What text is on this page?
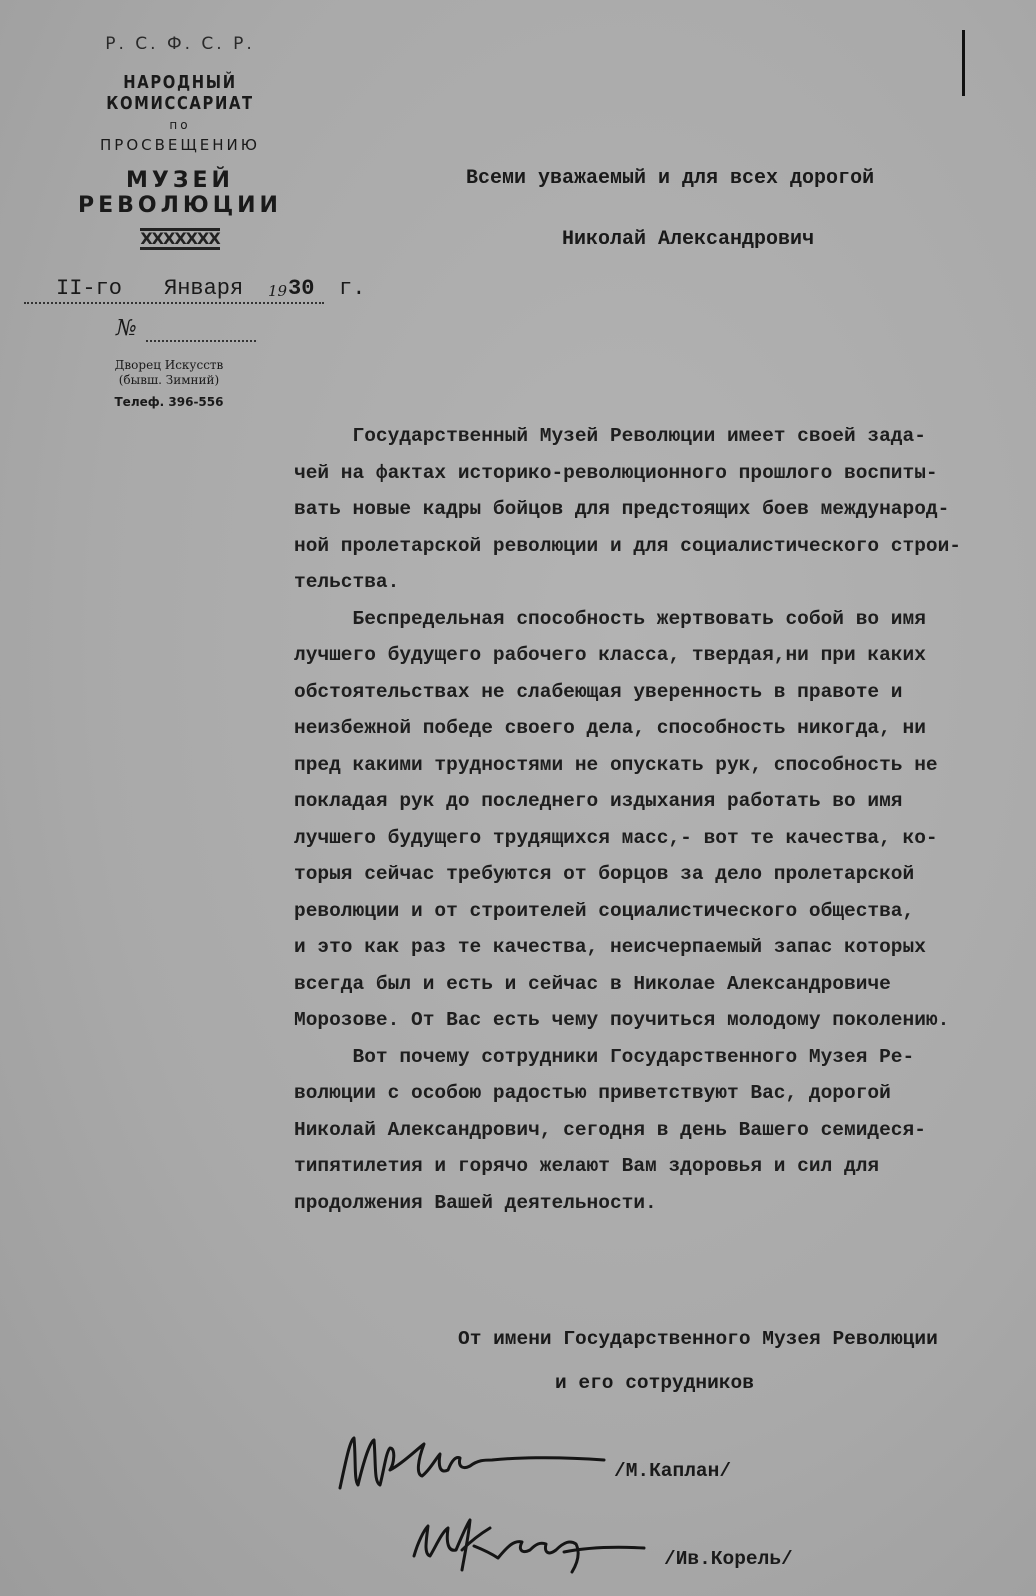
Р. С. Ф. С. Р.
НАРОДНЫЙ КОМИССАРИАТ
по
ПРОСВЕЩЕНИЮ
МУЗЕЙ РЕВОЛЮЦИИ
XXXXXXX
II-го Января 19 30 г.
№
Дворец Искусств
(бывш. Зимний)
Телеф. 396-556
Всеми уважаемый и для всех дорогой
Николай Александрович
Государственный Музей Революции имеет своей зада-
чей на фактах историко-революционного прошлого воспиты-
вать новые кадры бойцов для предстоящих боев международ-
ной пролетарской революции и для социалистического строи-
тельства.
Беспредельная способность жертвовать собой во имя
лучшего будущего рабочего класса, твердая,ни при каких
обстоятельствах не слабеющая уверенность в правоте и
неизбежной победе своего дела, способность никогда, ни
пред какими трудностями не опускать рук, способность не
покладая рук до последнего издыхания работать во имя
лучшего будущего трудящихся масс,- вот те качества, ко-
торыя сейчас требуются от борцов за дело пролетарской
революции и от строителей социалистического общества,
и это как раз те качества, неисчерпаемый запас которых
всегда был и есть и сейчас в Николае Александровиче
Морозове. От Вас есть чему поучиться молодому поколению.
Вот почему сотрудники Государственного Музея Ре-
волюции с особою радостью приветствуют Вас, дорогой
Николай Александрович, сегодня в день Вашего семидеся-
типятилетия и горячо желают Вам здоровья и сил для
продолжения Вашей деятельности.
От имени Государственного Музея Революции
и его сотрудников
/М.Каплан/
/Ив.Корель/
